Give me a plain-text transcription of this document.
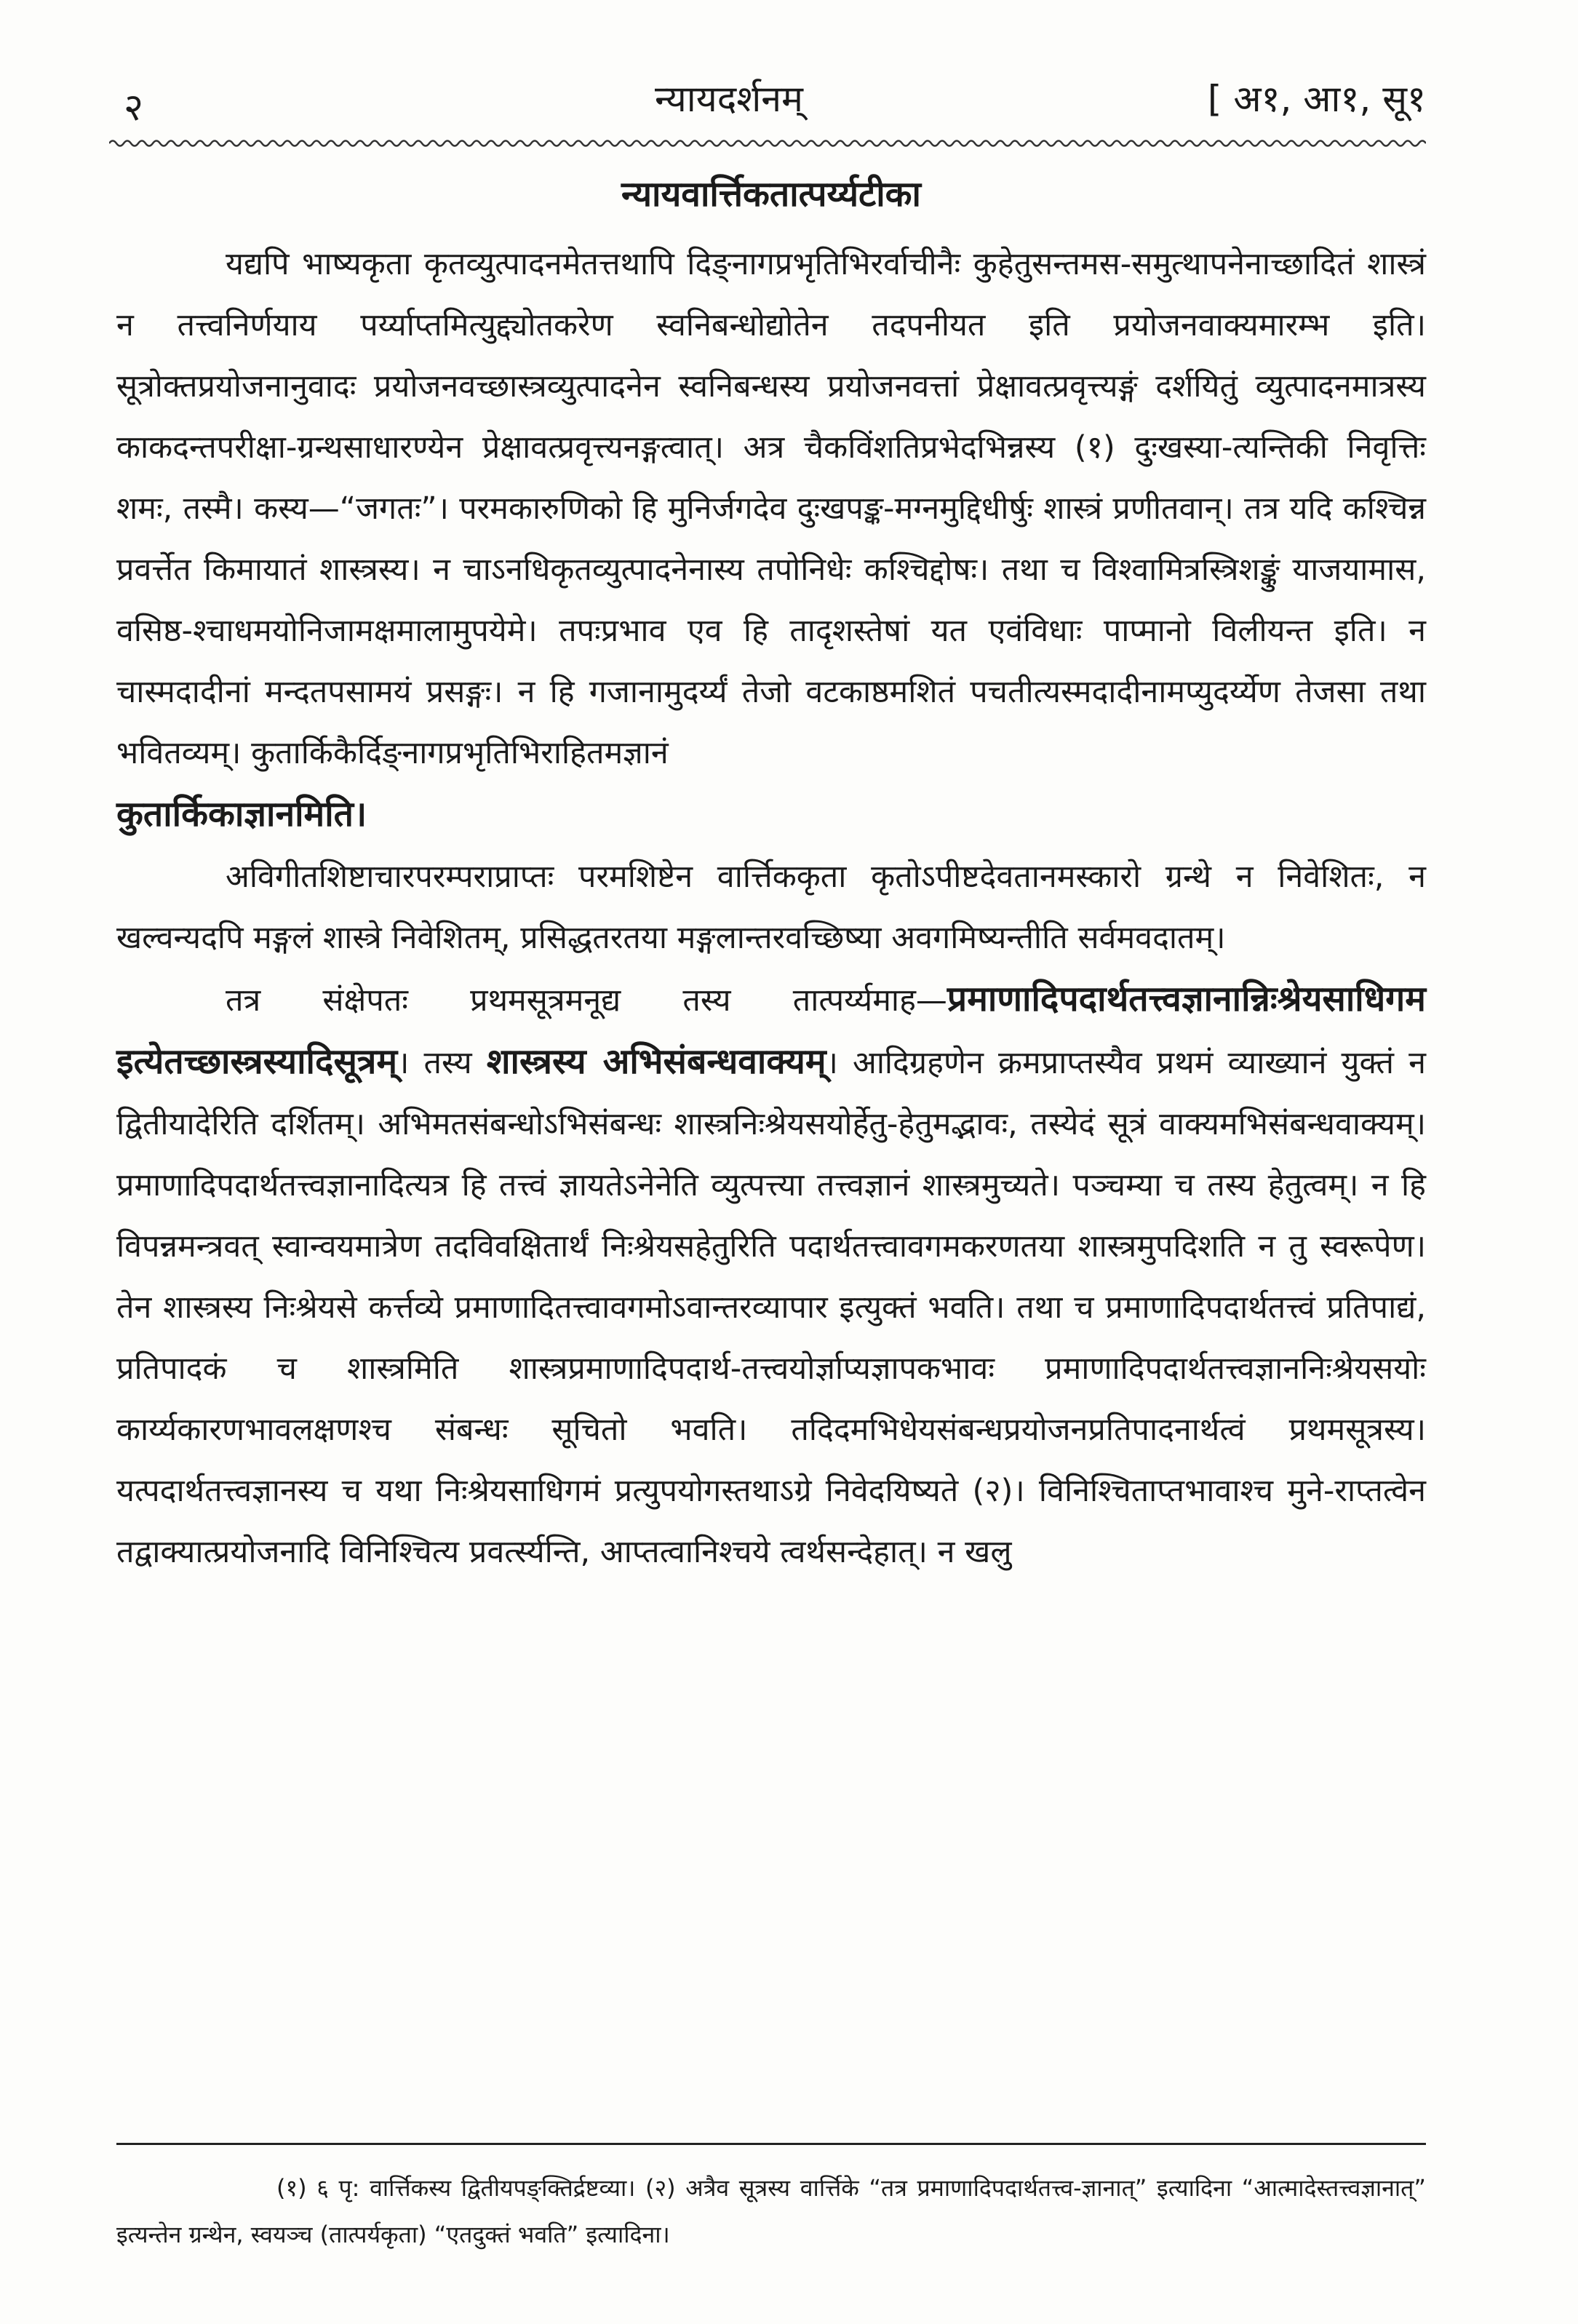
२	न्यायदर्शनम्	[ अ१, आ१, सू१

न्यायवार्त्तिकतात्पर्य्यटीका

यद्यपि भाष्यकृता कृतव्युत्पादनमेतत्तथापि दिङ्नागप्रभृतिभिरर्वाचीनैः कुहेतुसन्तमस-समुत्थापनेनाच्छादितं शास्त्रं न तत्त्वनिर्णयाय पर्य्याप्तमित्युद्द्योतकरेण स्वनिबन्धोद्योतेन तदपनीयत इति प्रयोजनवाक्यमारम्भ इति। सूत्रोक्तप्रयोजनानुवादः प्रयोजनवच्छास्त्रव्युत्पादनेन स्वनिबन्धस्य प्रयोजनवत्तां प्रेक्षावत्प्रवृत्त्यङ्गं दर्शयितुं व्युत्पादनमात्रस्य काकदन्तपरीक्षा-ग्रन्थसाधारण्येन प्रेक्षावत्प्रवृत्त्यनङ्गत्वात्। अत्र चैकविंशतिप्रभेदभिन्नस्य (१) दुःखस्या-त्यन्तिकी निवृत्तिः शमः, तस्मै। कस्य—“जगतः”। परमकारुणिको हि मुनिर्जगदेव दुःखपङ्क-मग्नमुद्दिधीर्षुः शास्त्रं प्रणीतवान्। तत्र यदि कश्चिन्न प्रवर्त्तेत किमायातं शास्त्रस्य। न चाऽनधिकृतव्युत्पादनेनास्य तपोनिधेः कश्चिद्दोषः। तथा च विश्वामित्रस्त्रिशङ्कुं याजयामास, वसिष्ठ-श्चाधमयोनिजामक्षमालामुपयेमे। तपःप्रभाव एव हि तादृशस्तेषां यत एवंविधाः पाप्मानो विलीयन्त इति। न चास्मदादीनां मन्दतपसामयं प्रसङ्गः। न हि गजानामुदर्य्यं तेजो वटकाष्ठमशितं पचतीत्यस्मदादीनामप्युदर्य्येण तेजसा तथा भवितव्यम्। कुतार्किकैर्दिङ्नागप्रभृतिभिराहितमज्ञानं

कुतार्किकाज्ञानमिति।

अविगीतशिष्टाचारपरम्पराप्राप्तः परमशिष्टेन वार्त्तिककृता कृतोऽपीष्टदेवतानमस्कारो ग्रन्थे न निवेशितः, न खल्वन्यदपि मङ्गलं शास्त्रे निवेशितम्, प्रसिद्धतरतया मङ्गलान्तरवच्छिष्या अवगमिष्यन्तीति सर्वमवदातम्।

तत्र संक्षेपतः प्रथमसूत्रमनूद्य तस्य तात्पर्य्यमाह—प्रमाणादिपदार्थतत्त्वज्ञानान्निःश्रेयसाधिगम इत्येतच्छास्त्रस्यादिसूत्रम्। तस्य शास्त्रस्य अभिसंबन्धवाक्यम्। आदिग्रहणेन क्रमप्राप्तस्यैव प्रथमं व्याख्यानं युक्तं न द्वितीयादेरिति दर्शितम्। अभिमतसंबन्धोऽभिसंबन्धः शास्त्रनिःश्रेयसयोर्हेतु-हेतुमद्भावः, तस्येदं सूत्रं वाक्यमभिसंबन्धवाक्यम्। प्रमाणादिपदार्थतत्त्वज्ञानादित्यत्र हि तत्त्वं ज्ञायतेऽनेनेति व्युत्पत्त्या तत्त्वज्ञानं शास्त्रमुच्यते। पञ्चम्या च तस्य हेतुत्वम्। न हि विपन्नमन्त्रवत् स्वान्वयमात्रेण तदविवक्षितार्थं निःश्रेयसहेतुरिति पदार्थतत्त्वावगमकरणतया शास्त्रमुपदिशति न तु स्वरूपेण। तेन शास्त्रस्य निःश्रेयसे कर्त्तव्ये प्रमाणादितत्त्वावगमोऽवान्तरव्यापार इत्युक्तं भवति। तथा च प्रमाणादिपदार्थतत्त्वं प्रतिपाद्यं, प्रतिपादकं च शास्त्रमिति शास्त्रप्रमाणादिपदार्थ-तत्त्वयोर्ज्ञाप्यज्ञापकभावः प्रमाणादिपदार्थतत्त्वज्ञाननिःश्रेयसयोः कार्य्यकारणभावलक्षणश्च संबन्धः सूचितो भवति। तदिदमभिधेयसंबन्धप्रयोजनप्रतिपादनार्थत्वं प्रथमसूत्रस्य। यत्पदार्थतत्त्वज्ञानस्य च यथा निःश्रेयसाधिगमं प्रत्युपयोगस्तथाऽग्रे निवेदयिष्यते (२)। विनिश्चिताप्तभावाश्च मुने-राप्तत्वेन तद्वाक्यात्प्रयोजनादि विनिश्चित्य प्रवर्त्स्यन्ति, आप्तत्वानिश्चये त्वर्थसन्देहात्। न खलु

(१) ६ पृ: वार्त्तिकस्य द्वितीयपङ्क्तिर्द्रष्टव्या। (२) अत्रैव सूत्रस्य वार्त्तिके “तत्र प्रमाणादिपदार्थतत्त्व-ज्ञानात्” इत्यादिना “आत्मादेस्तत्त्वज्ञानात्” इत्यन्तेन ग्रन्थेन, स्वयञ्च (तात्पर्यकृता) “एतदुक्तं भवति” इत्यादिना।
